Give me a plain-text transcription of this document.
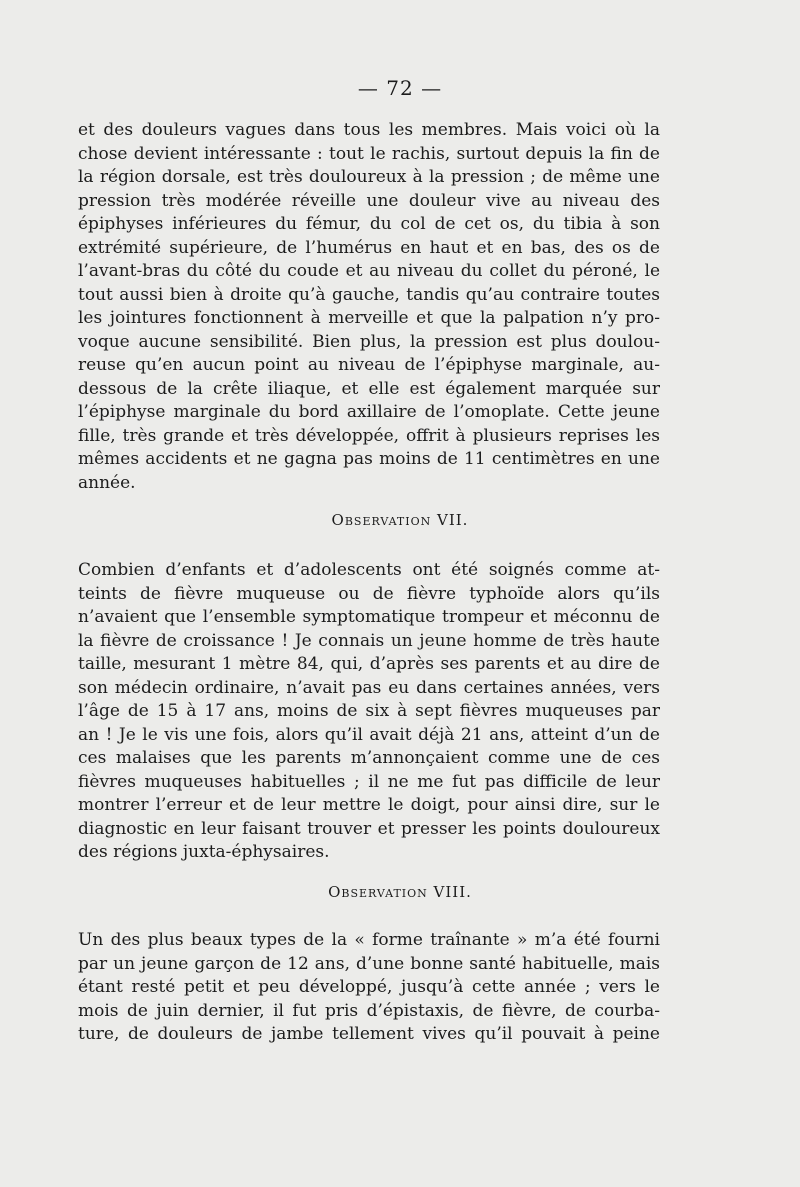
— 72 —
et des douleurs vagues dans tous les membres. Mais voici où la
chose devient intéressante : tout le rachis, surtout depuis la fin de
la région dorsale, est très douloureux à la pression ; de même une
pression très modérée réveille une douleur vive au niveau des
épiphyses inférieures du fémur, du col de cet os, du tibia à son
extrémité supérieure, de l’humérus en haut et en bas, des os de
l’avant-bras du côté du coude et au niveau du collet du péroné, le
tout aussi bien à droite qu’à gauche, tandis qu’au contraire toutes
les jointures fonctionnent à merveille et que la palpation n’y pro-
voque aucune sensibilité. Bien plus, la pression est plus doulou-
reuse qu’en aucun point au niveau de l’épiphyse marginale, au-
dessous de la crête iliaque, et elle est également marquée sur
l’épiphyse marginale du bord axillaire de l’omoplate. Cette jeune
fille, très grande et très développée, offrit à plusieurs reprises les
mêmes accidents et ne gagna pas moins de 11 centimètres en une
année.
Observation VII.
Combien d’enfants et d’adolescents ont été soignés comme at-
teints de fièvre muqueuse ou de fièvre typhoïde alors qu’ils
n’avaient que l’ensemble symptomatique trompeur et méconnu de
la fièvre de croissance ! Je connais un jeune homme de très haute
taille, mesurant 1 mètre 84, qui, d’après ses parents et au dire de
son médecin ordinaire, n’avait pas eu dans certaines années, vers
l’âge de 15 à 17 ans, moins de six à sept fièvres muqueuses par
an ! Je le vis une fois, alors qu’il avait déjà 21 ans, atteint d’un de
ces malaises que les parents m’annonçaient comme une de ces
fièvres muqueuses habituelles ; il ne me fut pas difficile de leur
montrer l’erreur et de leur mettre le doigt, pour ainsi dire, sur le
diagnostic en leur faisant trouver et presser les points douloureux
des régions juxta-éphysaires.
Observation VIII.
Un des plus beaux types de la « forme traînante » m’a été fourni
par un jeune garçon de 12 ans, d’une bonne santé habituelle, mais
étant resté petit et peu développé, jusqu’à cette année ; vers le
mois de juin dernier, il fut pris d’épistaxis, de fièvre, de courba-
ture, de douleurs de jambe tellement vives qu’il pouvait à peine
